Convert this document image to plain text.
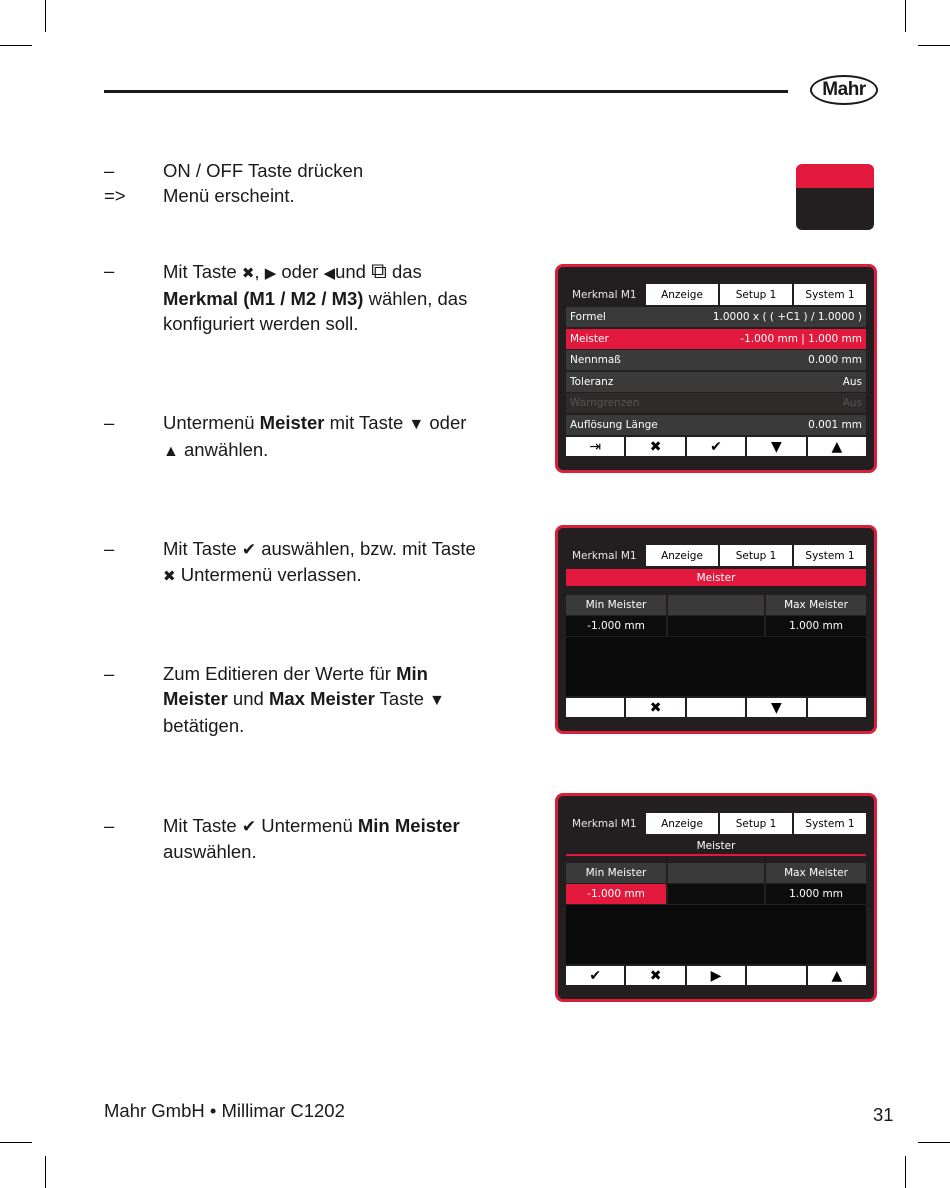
Mahr
–	ON / OFF Taste drücken
=>	Menü erscheint.
–	Mit Taste ✖, ▶ oder ◀und ⧉ das
Merkmal (M1 / M2 / M3) wählen, das konfiguriert werden soll.
Merkmal M1	Anzeige	Setup 1	System 1
Formel	1.0000 x ( ( +C1 ) / 1.0000 )
Meister	-1.000 mm | 1.000 mm
Nennmaß	0.000 mm
Toleranz	Aus
Warngrenzen	Aus
Auflösung Länge	0.001 mm
⇥	✖	✔	▼	▲
–	Untermenü Meister mit Taste ▼ oder
▲ anwählen.
–	Mit Taste ✔ auswählen, bzw. mit Taste ✖ Untermenü verlassen.
Merkmal M1	Anzeige	Setup 1	System 1
Meister
Min Meister	Max Meister
-1.000 mm	1.000 mm
✖	▼
–	Zum Editieren der Werte für Min Meister und Max Meister Taste ▼ betätigen.
–	Mit Taste ✔ Untermenü Min Meister auswählen.
Merkmal M1	Anzeige	Setup 1	System 1
Meister
Min Meister	Max Meister
-1.000 mm	1.000 mm
✔	✖	▶	▲
Mahr GmbH • Millimar C1202	31
